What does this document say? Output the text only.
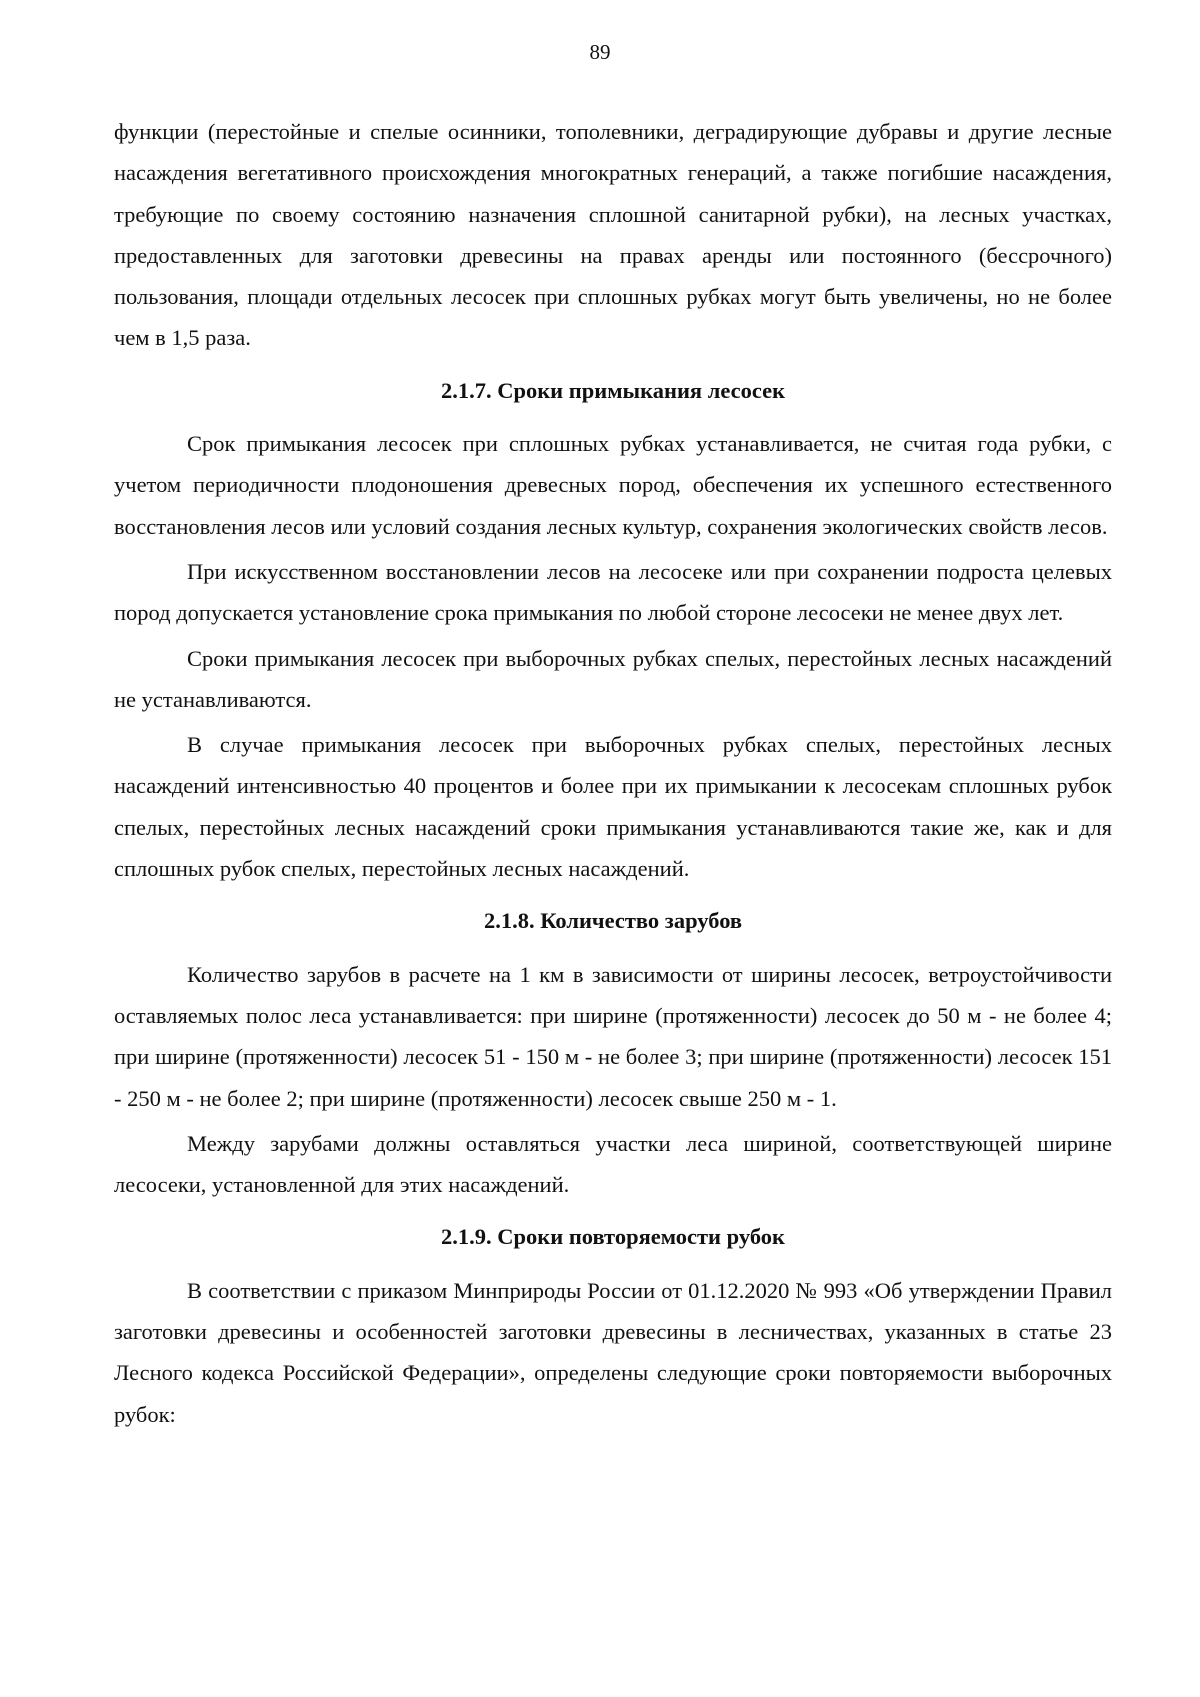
89

функции (перестойные и спелые осинники, тополевники, деградирующие дубравы и другие лесные насаждения вегетативного происхождения многократных генераций, а также погибшие насаждения, требующие по своему состоянию назначения сплошной санитарной рубки), на лесных участках, предоставленных для заготовки древесины на правах аренды или постоянного (бессрочного) пользования, площади отдельных лесосек при сплошных рубках могут быть увеличены, но не более чем в 1,5 раза.

2.1.7. Сроки примыкания лесосек

Срок примыкания лесосек при сплошных рубках устанавливается, не считая года рубки, с учетом периодичности плодоношения древесных пород, обеспечения их успешного естественного восстановления лесов или условий создания лесных культур, сохранения экологических свойств лесов.

При искусственном восстановлении лесов на лесосеке или при сохранении подроста целевых пород допускается установление срока примыкания по любой стороне лесосеки не менее двух лет.

Сроки примыкания лесосек при выборочных рубках спелых, перестойных лесных насаждений не устанавливаются.

В случае примыкания лесосек при выборочных рубках спелых, перестойных лесных насаждений интенсивностью 40 процентов и более при их примыкании к лесосекам сплошных рубок спелых, перестойных лесных насаждений сроки примыкания устанавливаются такие же, как и для сплошных рубок спелых, перестойных лесных насаждений.

2.1.8. Количество зарубов

Количество зарубов в расчете на 1 км в зависимости от ширины лесосек, ветроустойчивости оставляемых полос леса устанавливается: при ширине (протяженности) лесосек до 50 м - не более 4; при ширине (протяженности) лесосек 51 - 150 м - не более 3; при ширине (протяженности) лесосек 151 - 250 м - не более 2; при ширине (протяженности) лесосек свыше 250 м - 1.

Между зарубами должны оставляться участки леса шириной, соответствующей ширине лесосеки, установленной для этих насаждений.

2.1.9. Сроки повторяемости рубок

В соответствии с приказом Минприроды России от 01.12.2020 № 993 «Об утверждении Правил заготовки древесины и особенностей заготовки древесины в лесничествах, указанных в статье 23 Лесного кодекса Российской Федерации», определены следующие сроки повторяемости выборочных рубок:
